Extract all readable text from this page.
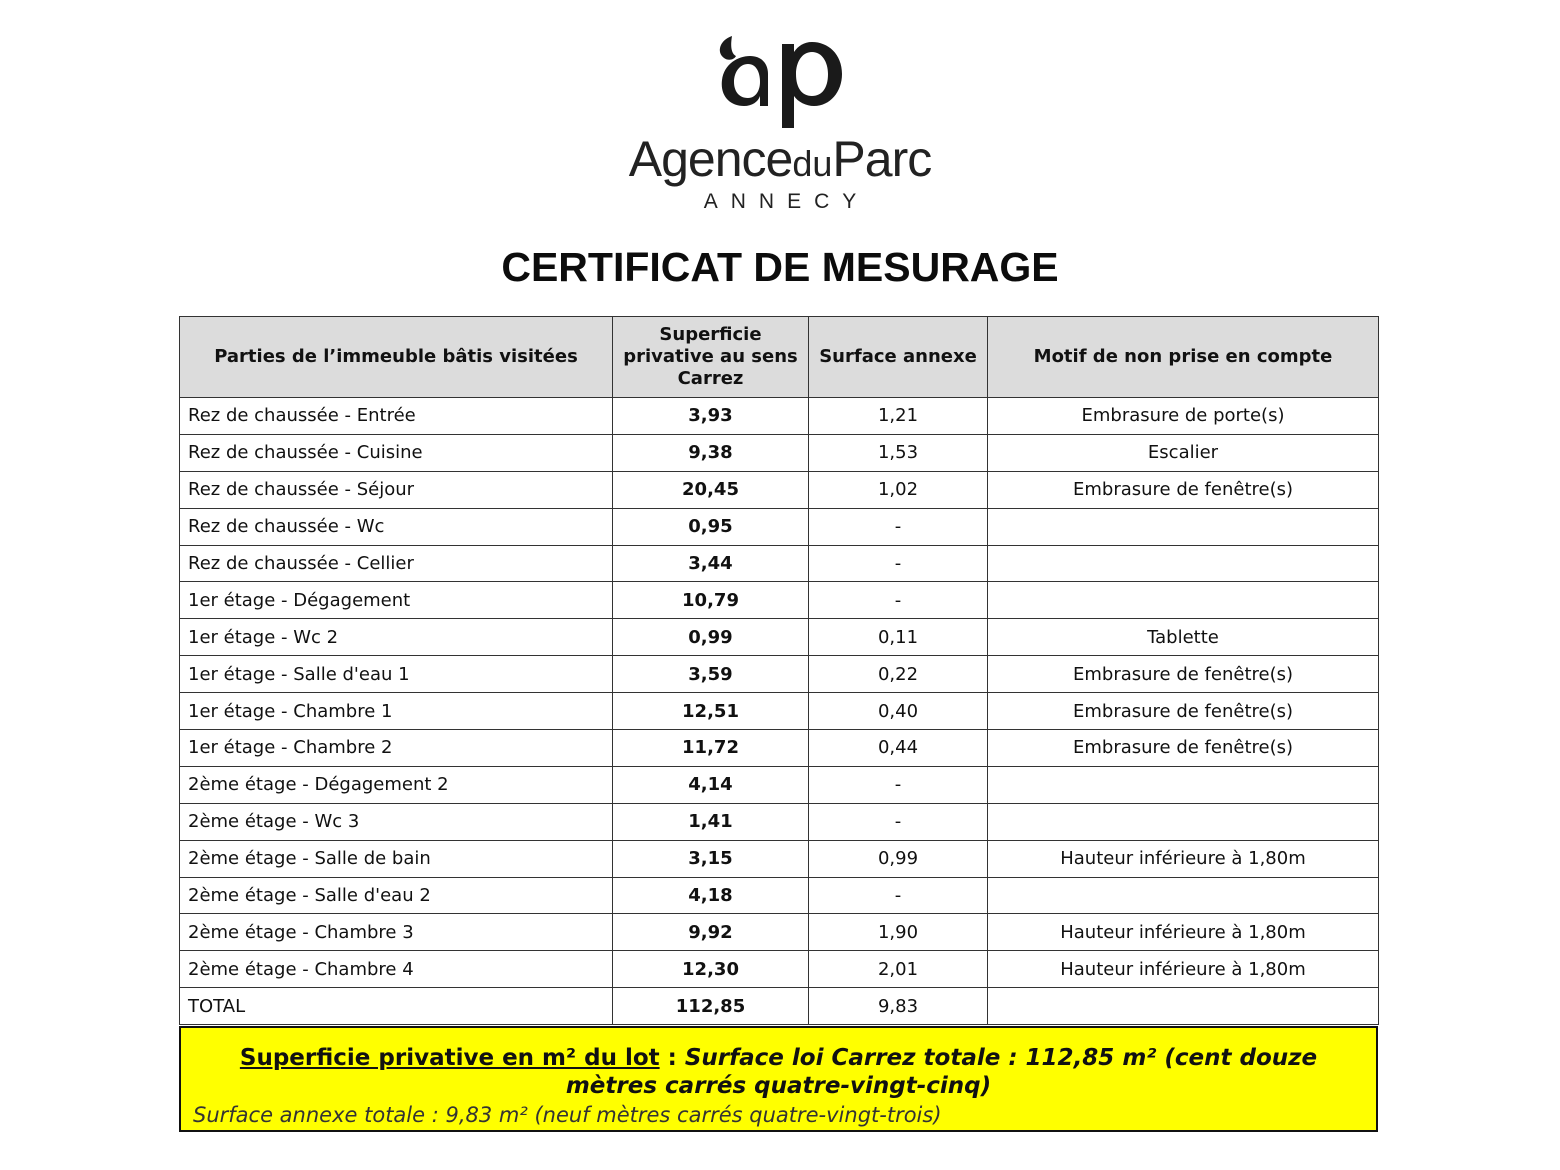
AgenceduParc
ANNECY
CERTIFICAT DE MESURAGE
Parties de l’immeuble bâtis visitées	Superficie privative au sens Carrez	Surface annexe	Motif de non prise en compte
Rez de chaussée - Entrée	3,93	1,21	Embrasure de porte(s)
Rez de chaussée - Cuisine	9,38	1,53	Escalier
Rez de chaussée - Séjour	20,45	1,02	Embrasure de fenêtre(s)
Rez de chaussée - Wc	0,95	-	
Rez de chaussée - Cellier	3,44	-	
1er étage - Dégagement	10,79	-	
1er étage - Wc 2	0,99	0,11	Tablette
1er étage - Salle d'eau 1	3,59	0,22	Embrasure de fenêtre(s)
1er étage - Chambre 1	12,51	0,40	Embrasure de fenêtre(s)
1er étage - Chambre 2	11,72	0,44	Embrasure de fenêtre(s)
2ème étage - Dégagement 2	4,14	-	
2ème étage - Wc 3	1,41	-	
2ème étage - Salle de bain	3,15	0,99	Hauteur inférieure à 1,80m
2ème étage - Salle d'eau 2	4,18	-	
2ème étage - Chambre 3	9,92	1,90	Hauteur inférieure à 1,80m
2ème étage - Chambre 4	12,30	2,01	Hauteur inférieure à 1,80m
TOTAL	112,85	9,83	
Superficie privative en m² du lot : Surface loi Carrez totale : 112,85 m² (cent douze mètres carrés quatre-vingt-cinq)
Surface annexe totale : 9,83 m² (neuf mètres carrés quatre-vingt-trois)
